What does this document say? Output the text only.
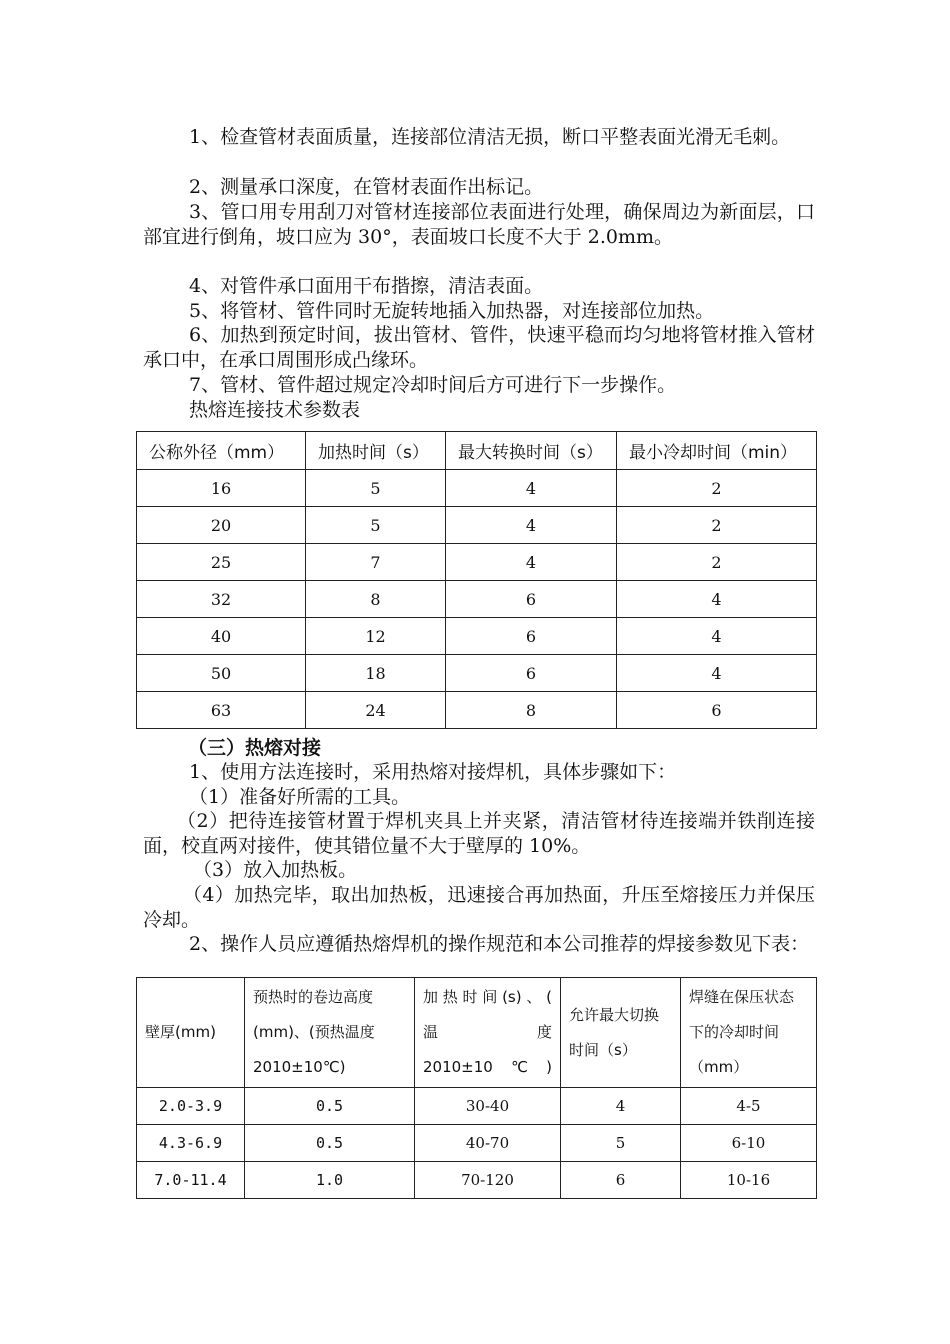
1、检查管材表面质量，连接部位清洁无损，断口平整表面光滑无毛刺。

2、测量承口深度，在管材表面作出标记。

3、管口用专用刮刀对管材连接部位表面进行处理，确保周边为新面层，口部宜进行倒角，坡口应为 30°，表面坡口长度不大于 2.0mm。

4、对管件承口面用干布揩擦，清洁表面。

5、将管材、管件同时无旋转地插入加热器，对连接部位加热。

6、加热到预定时间，拔出管材、管件，快速平稳而均匀地将管材推入管材承口中，在承口周围形成凸缘环。

7、管材、管件超过规定冷却时间后方可进行下一步操作。

热熔连接技术参数表

公称外径（mm）	加热时间（s）	最大转换时间（s）	最小冷却时间（min）
16	5	4	2
20	5	4	2
25	7	4	2
32	8	6	4
40	12	6	4
50	18	6	4
63	24	8	6

（三）热熔对接

1、使用方法连接时，采用热熔对接焊机，具体步骤如下：

（1）准备好所需的工具。

（2）把待连接管材置于焊机夹具上并夹紧，清洁管材待连接端并铁削连接面，校直两对接件，使其错位量不大于壁厚的 10%。

（3）放入加热板。

（4）加热完毕，取出加热板，迅速接合再加热面，升压至熔接压力并保压冷却。

2、操作人员应遵循热熔焊机的操作规范和本公司推荐的焊接参数见下表：

壁厚(mm)	预热时的卷边高度(mm)、(预热温度2010±10℃)	加热时间(s)、(　温　度2010±10℃)	允许最大切换时间（s）	焊缝在保压状态下的冷却时间（mm）
2.0-3.9	0.5	30-40	4	4-5
4.3-6.9	0.5	40-70	5	6-10
7.0-11.4	1.0	70-120	6	10-16
